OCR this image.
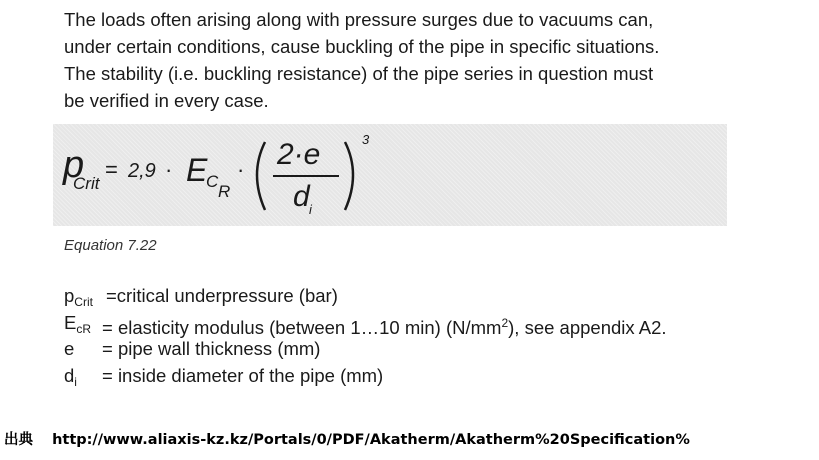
The loads often arising along with pressure surges due to vacuums can,
under certain conditions, cause buckling of the pipe in specific situations.
The stability (i.e. buckling resistance) of the pipe series in question must
be verified in every case.
p
Crit
= 2,9 · E
C
R
· 2·e
d i
3
Equation 7.22
$p_{Crit}$ =critical underpressure (bar)
$E_{cR}$ = elasticity modulus (between 1…10 min) $(N/mm^2)$, see appendix A2.
e = pipe wall thickness (mm)
$d_i$ = inside diameter of the pipe (mm)
出典 http://www.aliaxis-kz.kz/Portals/0/PDF/Akatherm/Akatherm%20Specification%
